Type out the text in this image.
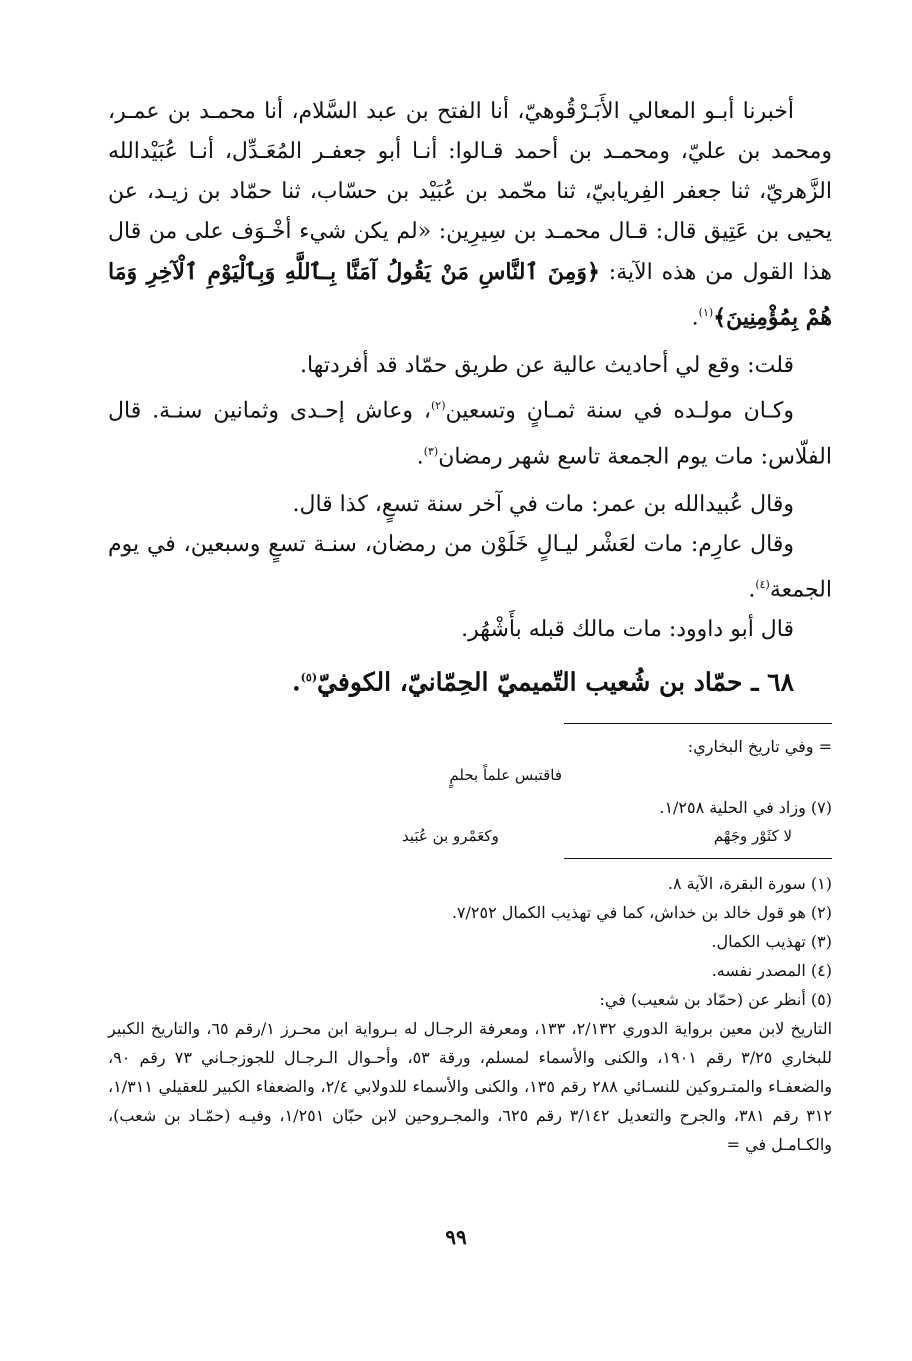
أخبرنا أبـو المعالي الأَبَـرْقُوهيّ، أنا الفتح بن عبد السَّلام، أنا محمـد بن عمـر، ومحمد بن عليّ، ومحمـد بن أحمد قـالوا: أنـا أبو جعفـر المُعَـدِّل، أنـا عُبَيْدالله الزَّهريّ، ثنا جعفر الفِريابيّ، ثنا محّمد بن عُبَيْد بن حسّاب، ثنا حمّاد بن زيـد، عن يحيى بن عَتِيق قال: قـال محمـد بن سِيرِين: «لم يكن شيء أخْـوَف على من قال هذا القول من هذه الآية: ﴿وَمِنَ ٱلنَّاسِ مَنْ يَقُولُ آمَنَّا بِـٱللَّهِ وَبِٱلْيَوْمِ ٱلْآخِرِ وَمَا هُمْ بِمُؤْمِنِينَ﴾$^{(١)}$.

قلت: وقع لي أحاديث عالية عن طريق حمّاد قد أفردتها.

وكـان مولـده في سنة ثمـانٍ وتسعين$^{(٢)}$، وعاش إحـدى وثمانين سنـة. قال الفلّاس: مات يوم الجمعة تاسع شهر رمضان$^{(٣)}$.

وقال عُبيدالله بن عمر: مات في آخر سنة تسعٍ، كذا قال.

وقال عارِم: مات لعَشْر ليـالٍ خَلَوْن من رمضان، سنـة تسعٍ وسبعين، في يوم الجمعة$^{(٤)}$.

قال أبو داوود: مات مالك قبله بأَشْهُر.

٦٨ ـ حمّاد بن شُعيب التّميميّ الحِمّانيّ، الكوفيّ$^{(٥)}$.

= وفي تاريخ البخاري:

فاقتبس علماً بحلمٍ

(٧) وزاد في الحلية ١/٢٥٨.

لا كثَوْر وجَهْم
وكعَمْرو بن عُبَيد

(١) سورة البقرة، الآية ٨.

(٢) هو قول خالد بن خداش، كما في تهذيب الكمال ٧/٢٥٢.

(٣) تهذيب الكمال.

(٤) المصدر نفسه.

(٥) أنظر عن (حمّاد بن شعيب) في:

التاريخ لابن معين برواية الدوري ٢/١٣٢، ١٣٣، ومعرفة الرجـال له بـرواية ابن محـرز ١/رقم ٦٥، والتاريخ الكبير للبخاري ٣/٢٥ رقم ١٩٠١، والكنى والأسماء لمسلم، ورقة ٥٣، وأحـوال الـرجـال للجوزجـاني ٧٣ رقم ٩٠، والضعفـاء والمتـروكين للنسـائي ٢٨٨ رقم ١٣٥، والكنى والأسماء للدولابي ٢/٤، والضعفاء الكبير للعقيلي ١/٣١١، ٣١٢ رقم ٣٨١، والجرح والتعديل ٣/١٤٢ رقم ٦٢٥، والمجـروحين لابن حبّان ١/٢٥١، وفيـه (حمّـاد بن شعب)، والكـامـل في =

٩٩
